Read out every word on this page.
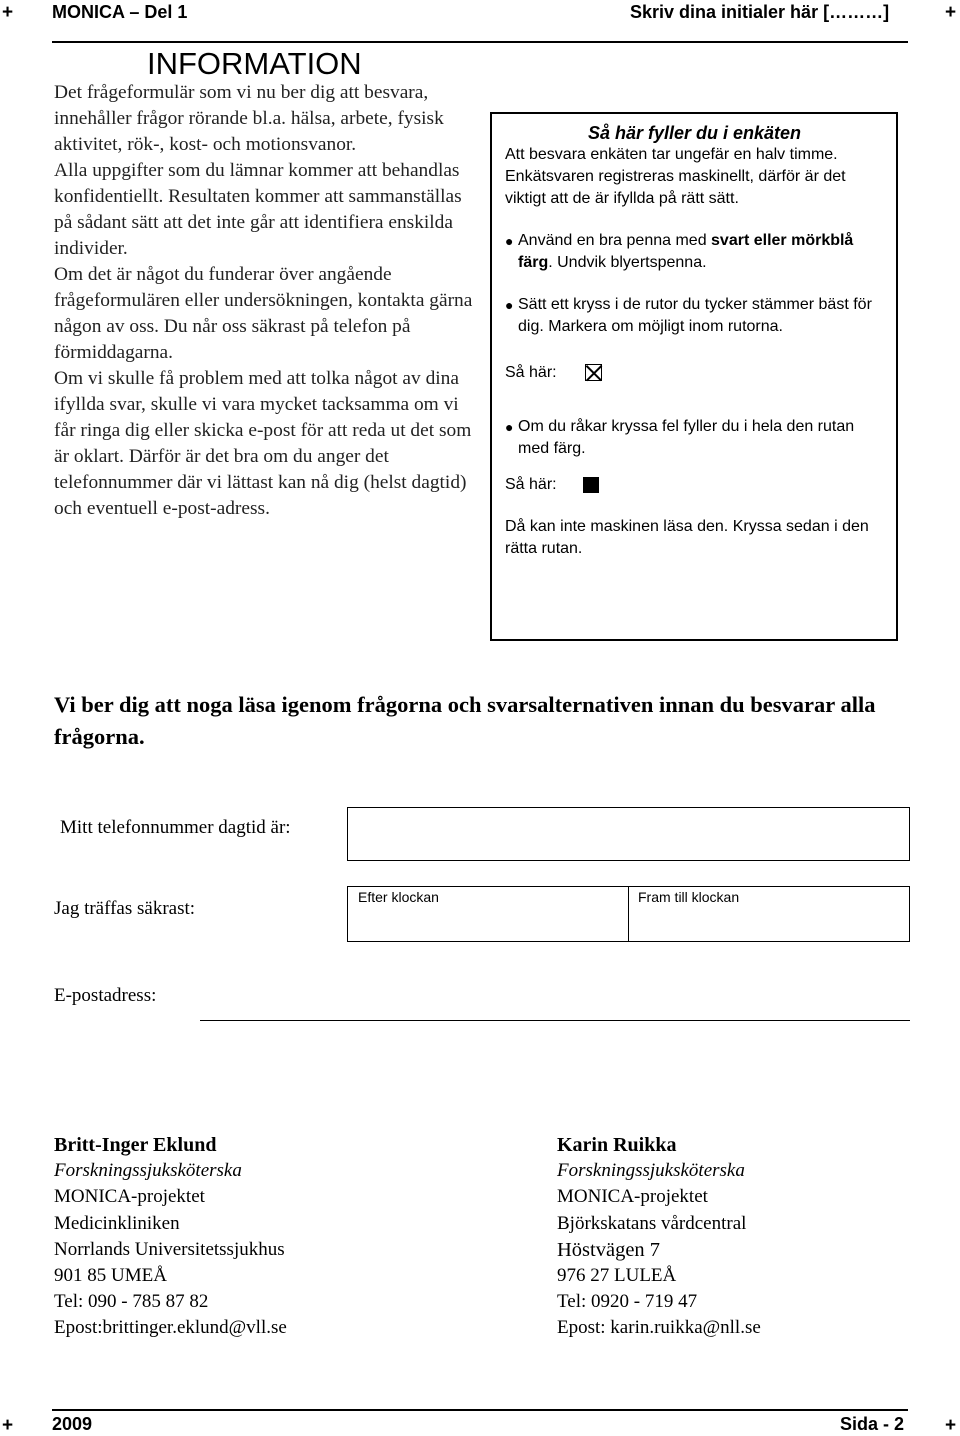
+ MONICA – Del 1	Skriv dina initialer här [………]	+
INFORMATION

Det frågeformulär som vi nu ber dig att besvara, innehåller frågor rörande bl.a. hälsa, arbete, fysisk aktivitet, rök-, kost- och motionsvanor.

Alla uppgifter som du lämnar kommer att behandlas konfidentiellt. Resultaten kommer att sammanställas på sådant sätt att det inte går att identifiera enskilda individer.

Om det är något du funderar över angående frågeformulären eller undersökningen, kontakta gärna någon av oss. Du når oss säkrast på telefon på förmiddagarna.

Om vi skulle få problem med att tolka något av dina ifyllda svar, skulle vi vara mycket tacksamma om vi får ringa dig eller skicka e-post för att reda ut det som är oklart. Därför är det bra om du anger det telefonnummer där vi lättast kan nå dig (helst dagtid) och eventuell e-post-adress.

Så här fyller du i enkäten

Att besvara enkäten tar ungefär en halv timme. Enkätsvaren registreras maskinellt, därför är det viktigt att de är ifyllda på rätt sätt.

● Använd en bra penna med svart eller mörkblå färg. Undvik blyertspenna.
● Sätt ett kryss i de rutor du tycker stämmer bäst för dig. Markera om möjligt inom rutorna.
Så här:
● Om du råkar kryssa fel fyller du i hela den rutan med färg.
Så här:

Då kan inte maskinen läsa den. Kryssa sedan i den rätta rutan.

Vi ber dig att noga läsa igenom frågorna och svarsalternativen innan du besvarar alla frågorna.
Mitt telefonnummer dagtid är:
Jag träffas säkrast:
Efter klockan	Fram till klockan
E-postadress:
Britt-Inger Eklund
Forskningssjuksköterska
MONICA-projektet
Medicinkliniken
Norrlands Universitetssjukhus
901 85 UMEÅ
Tel: 090 - 785 87 82
Epost:brittinger.eklund@vll.se
Karin Ruikka
Forskningssjuksköterska
MONICA-projektet
Björkskatans vårdcentral
Höstvägen 7
976 27 LULEÅ
Tel: 0920 - 719 47
Epost: karin.ruikka@nll.se
+ 2009	Sida - 2 +
